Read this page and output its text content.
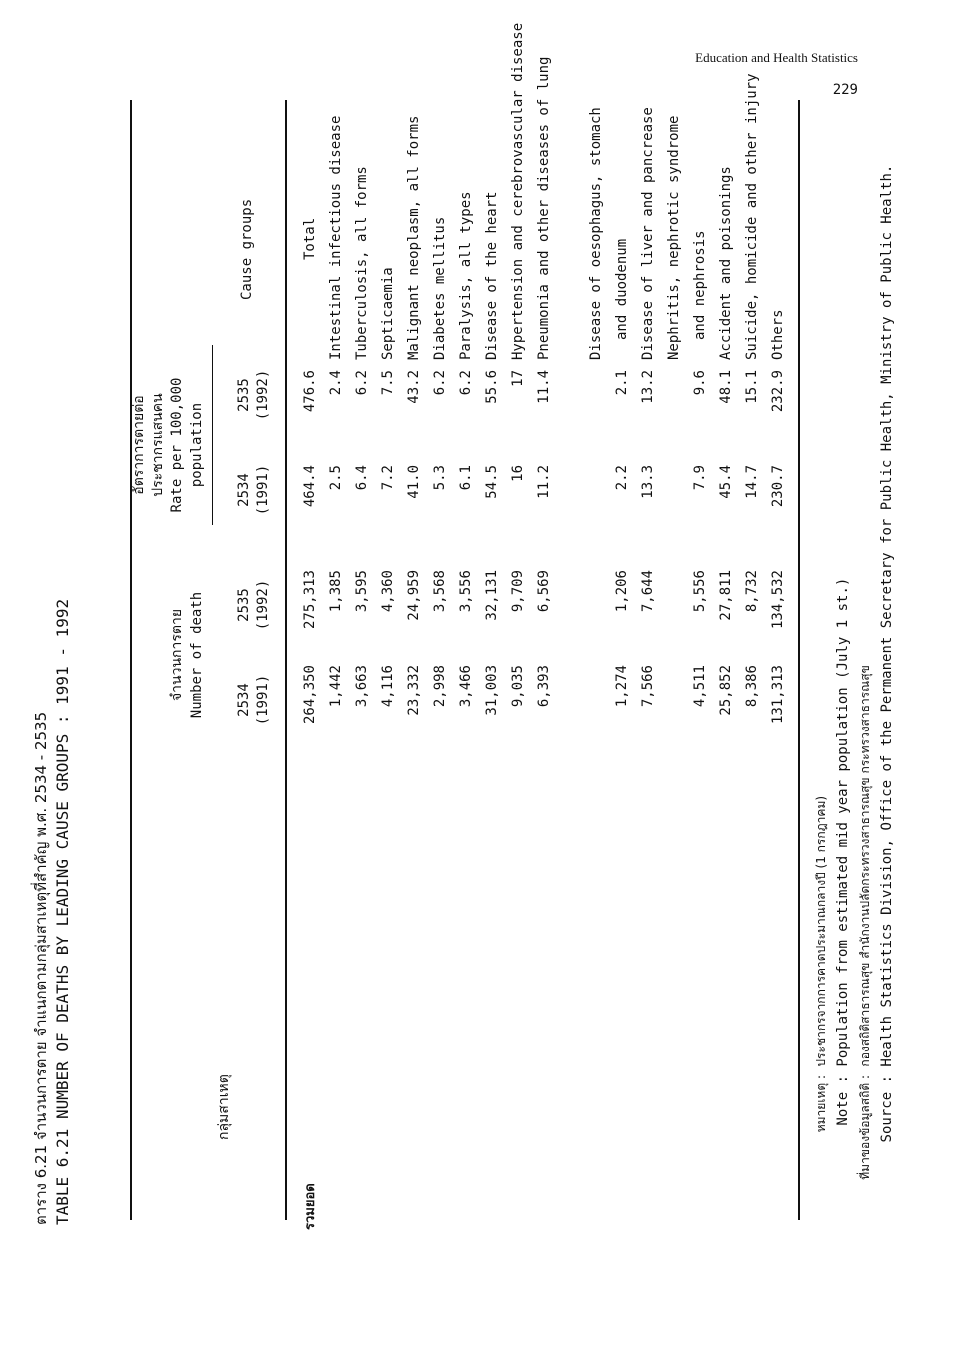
Education and Health Statistics
229
ตาราง 6.21 จำนวนการตาย จำแนกตามกลุ่มสาเหตุที่สำคัญ พ.ศ. 2534 - 2535 TABLE 6.21 NUMBER OF DEATHS BY LEADING CAUSE GROUPS : 1991 - 1992	กลุ่มสาเหตุ
จำนวนการตาย Number of death
อัตราการตายต่อ ประชากรแสนคน Rate per 100,000 population
Cause groups
2534 (1991)
2535 (1992)
2534 (1991)
2535 (1992)
รวมยอด
264,350
275,313
464.4
476.6
Total
1,442
1,385
2.5
2.4
Intestinal infectious disease
3,663
3,595
6.4
6.2
Tuberculosis, all forms
4,116
4,360
7.2
7.5
Septicaemia
23,332
24,959
41.0
43.2
Malignant neoplasm, all forms
2,998
3,568
5.3
6.2
Diabetes mellitus
3,466
3,556
6.1
6.2
Paralysis, all types
31,003
32,131
54.5
55.6
Disease of the heart
9,035
9,709
16
17
Hypertension and cerebrovascular disease
6,393
6,569
11.2
11.4
Pneumonia and other diseases of lung	Disease of oesophagus, stomach
1,274
1,206
2.2
2.1
and duodenum
7,566
7,644
13.3
13.2
Disease of liver and pancrease Nephritis, nephrotic syndrome
4,511
5,556
7.9
9.6
and nephrosis
25,852
27,811
45.4
48.1
Accident and poisonings
8,386
8,732
14.7
15.1
Suicide, homicide and other injury
131,313
134,532
230.7
232.9
Others
หมายเหตุ : ประชากรจากการคาดประมาณกลางปี (1 กรกฎาคม)
Note : Population from estimated mid year population (July 1 st.)
ที่มาของข้อมูลสถิติ : กองสถิติสาธารณสุข สำนักงานปลัดกระทรวงสาธารณสุข กระทรวงสาธารณสุข
Source : Health Statistics Division, Office of the Permanent Secretary for Public Health, Ministry of Public Health.
